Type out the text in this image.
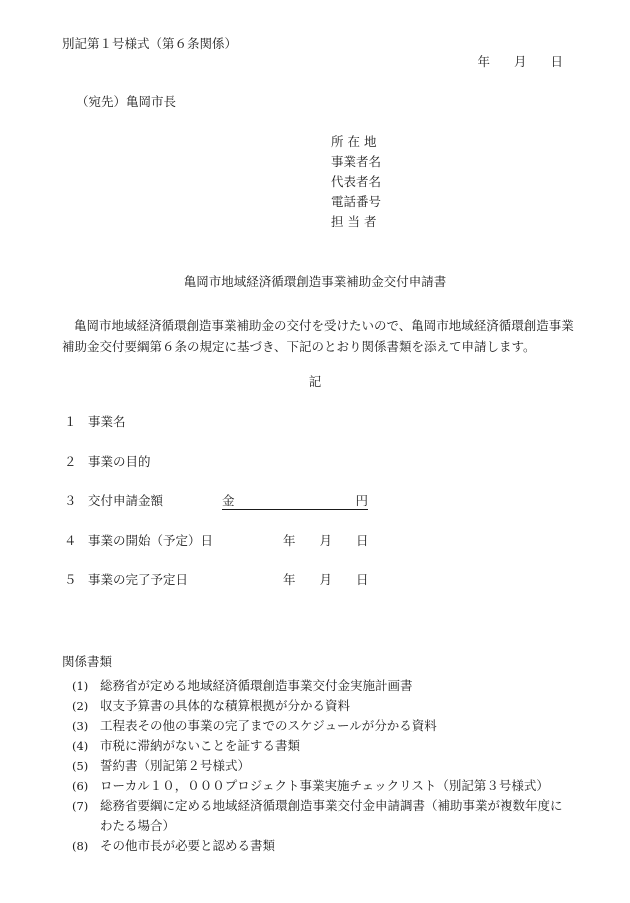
別記第１号様式（第６条関係）
年 月 日
（宛先）亀岡市長
所 在 地
事業者名
代表者名
電話番号
担 当 者
亀岡市地域経済循環創造事業補助金交付申請書
亀岡市地域経済循環創造事業補助金の交付を受けたいので、亀岡市地域経済循環創造事業補助金交付要綱第６条の規定に基づき、下記のとおり関係書類を添えて申請します。
記
１ 事業名
２ 事業の目的
３ 交付申請金額	金	円
４ 事業の開始（予定）日	年 月 日
５ 事業の完了予定日	年 月 日
関係書類
(1) 総務省が定める地域経済循環創造事業交付金実施計画書
(2) 収支予算書の具体的な積算根拠が分かる資料
(3) 工程表その他の事業の完了までのスケジュールが分かる資料
(4) 市税に滞納がないことを証する書類
(5) 誓約書（別記第２号様式）
(6) ローカル１０，０００プロジェクト事業実施チェックリスト（別記第３号様式）
(7) 総務省要綱に定める地域経済循環創造事業交付金申請調書（補助事業が複数年度にわたる場合）
(8) その他市長が必要と認める書類
